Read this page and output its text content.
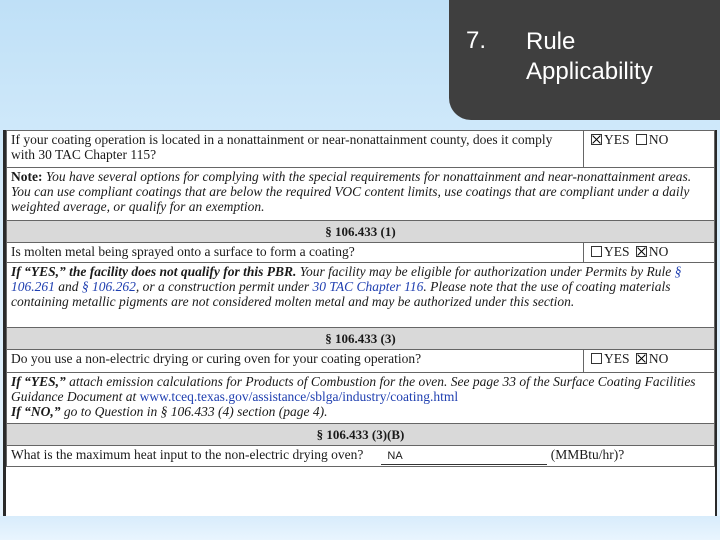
7. Rule Applicability
If your coating operation is located in a nonattainment or near-nonattainment county, does it comply with 30 TAC Chapter 115?	YES NO
Note: You have several options for complying with the special requirements for nonattainment and near-nonattainment areas. You can use compliant coatings that are below the required VOC content limits, use coatings that are compliant under a daily weighted average, or qualify for an exemption.	
§ 106.433 (1)	
Is molten metal being sprayed onto a surface to form a coating?	YES NO
If “YES,” the facility does not qualify for this PBR. Your facility may be eligible for authorization under Permits by Rule § 106.261 and § 106.262, or a construction permit under 30 TAC Chapter 116. Please note that the use of coating materials containing metallic pigments are not considered molten metal and may be authorized under this section.	
§ 106.433 (3)	
Do you use a non-electric drying or curing oven for your coating operation?	YES NO
If “YES,” attach emission calculations for Products of Combustion for the oven. See page 33 of the Surface Coating Facilities Guidance Document at www.tceq.texas.gov/assistance/sblga/industry/coating.html
If “NO,” go to Question in § 106.433 (4) section (page 4).	
§ 106.433 (3)(B)	
What is the maximum heat input to the non-electric drying oven? NA (MMBtu/hr)?	
